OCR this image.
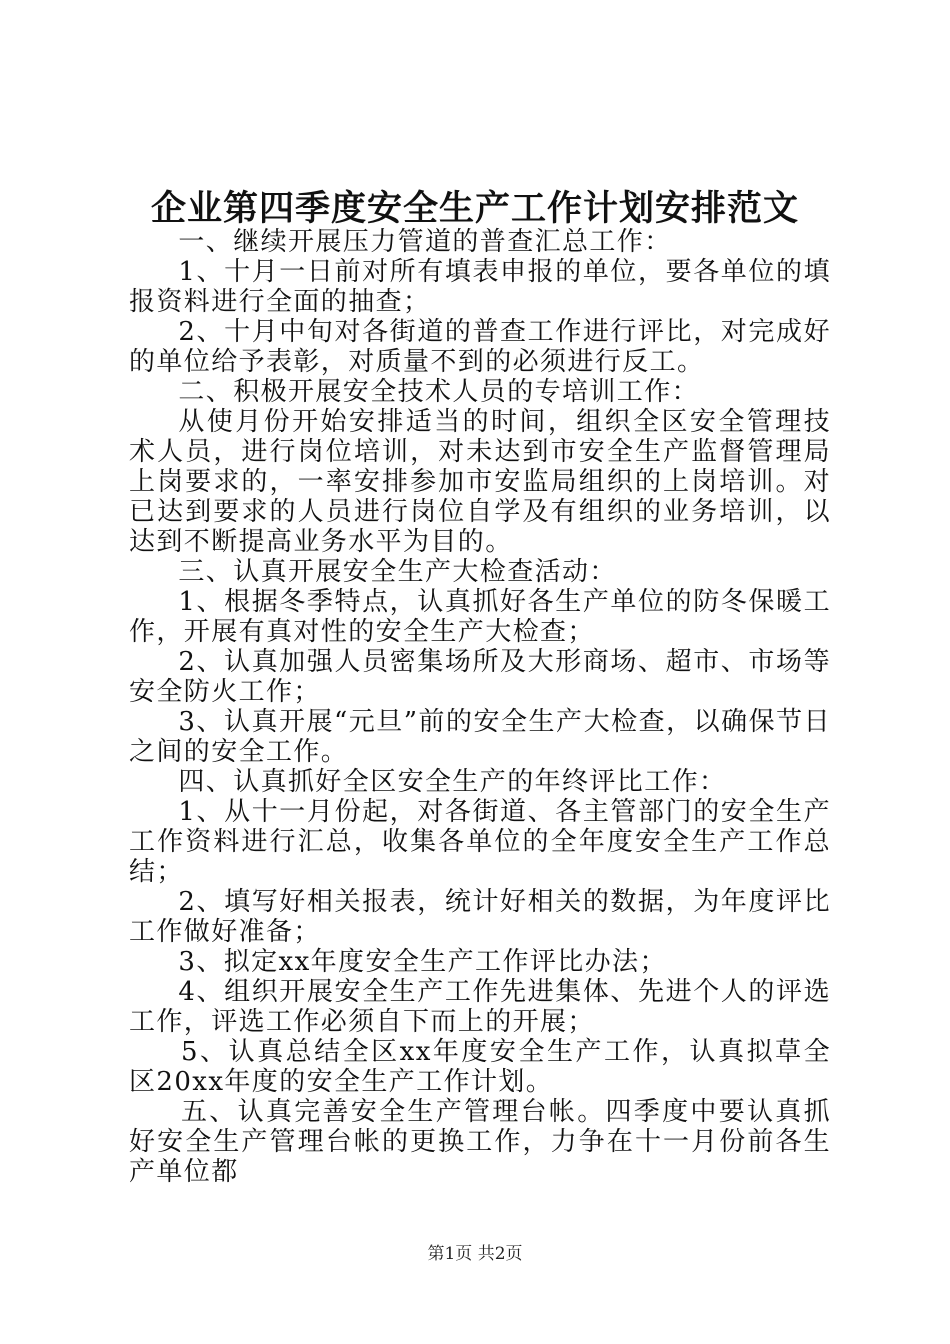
企业第四季度安全生产工作计划安排范文

一、继续开展压力管道的普查汇总工作：

1、十月一日前对所有填表申报的单位，要各单位的填报资料进行全面的抽查；

2、十月中旬对各街道的普查工作进行评比，对完成好的单位给予表彰，对质量不到的必须进行反工。

二、积极开展安全技术人员的专培训工作：

从使月份开始安排适当的时间，组织全区安全管理技术人员，进行岗位培训，对未达到市安全生产监督管理局上岗要求的，一率安排参加市安监局组织的上岗培训。对已达到要求的人员进行岗位自学及有组织的业务培训，以达到不断提高业务水平为目的。

三、认真开展安全生产大检查活动：

1、根据冬季特点，认真抓好各生产单位的防冬保暖工作，开展有真对性的安全生产大检查；

2、认真加强人员密集场所及大形商场、超市、市场等安全防火工作；

3、认真开展“元旦”前的安全生产大检查，以确保节日之间的安全工作。

四、认真抓好全区安全生产的年终评比工作：

1、从十一月份起，对各街道、各主管部门的安全生产工作资料进行汇总，收集各单位的全年度安全生产工作总结；

2、填写好相关报表，统计好相关的数据，为年度评比工作做好准备；

3、拟定xx年度安全生产工作评比办法；

4、组织开展安全生产工作先进集体、先进个人的评选工作，评选工作必须自下而上的开展；

5、认真总结全区xx年度安全生产工作，认真拟草全区20xx年度的安全生产工作计划。

五、认真完善安全生产管理台帐。四季度中要认真抓好安全生产管理台帐的更换工作，力争在十一月份前各生产单位都

第1页 共2页
